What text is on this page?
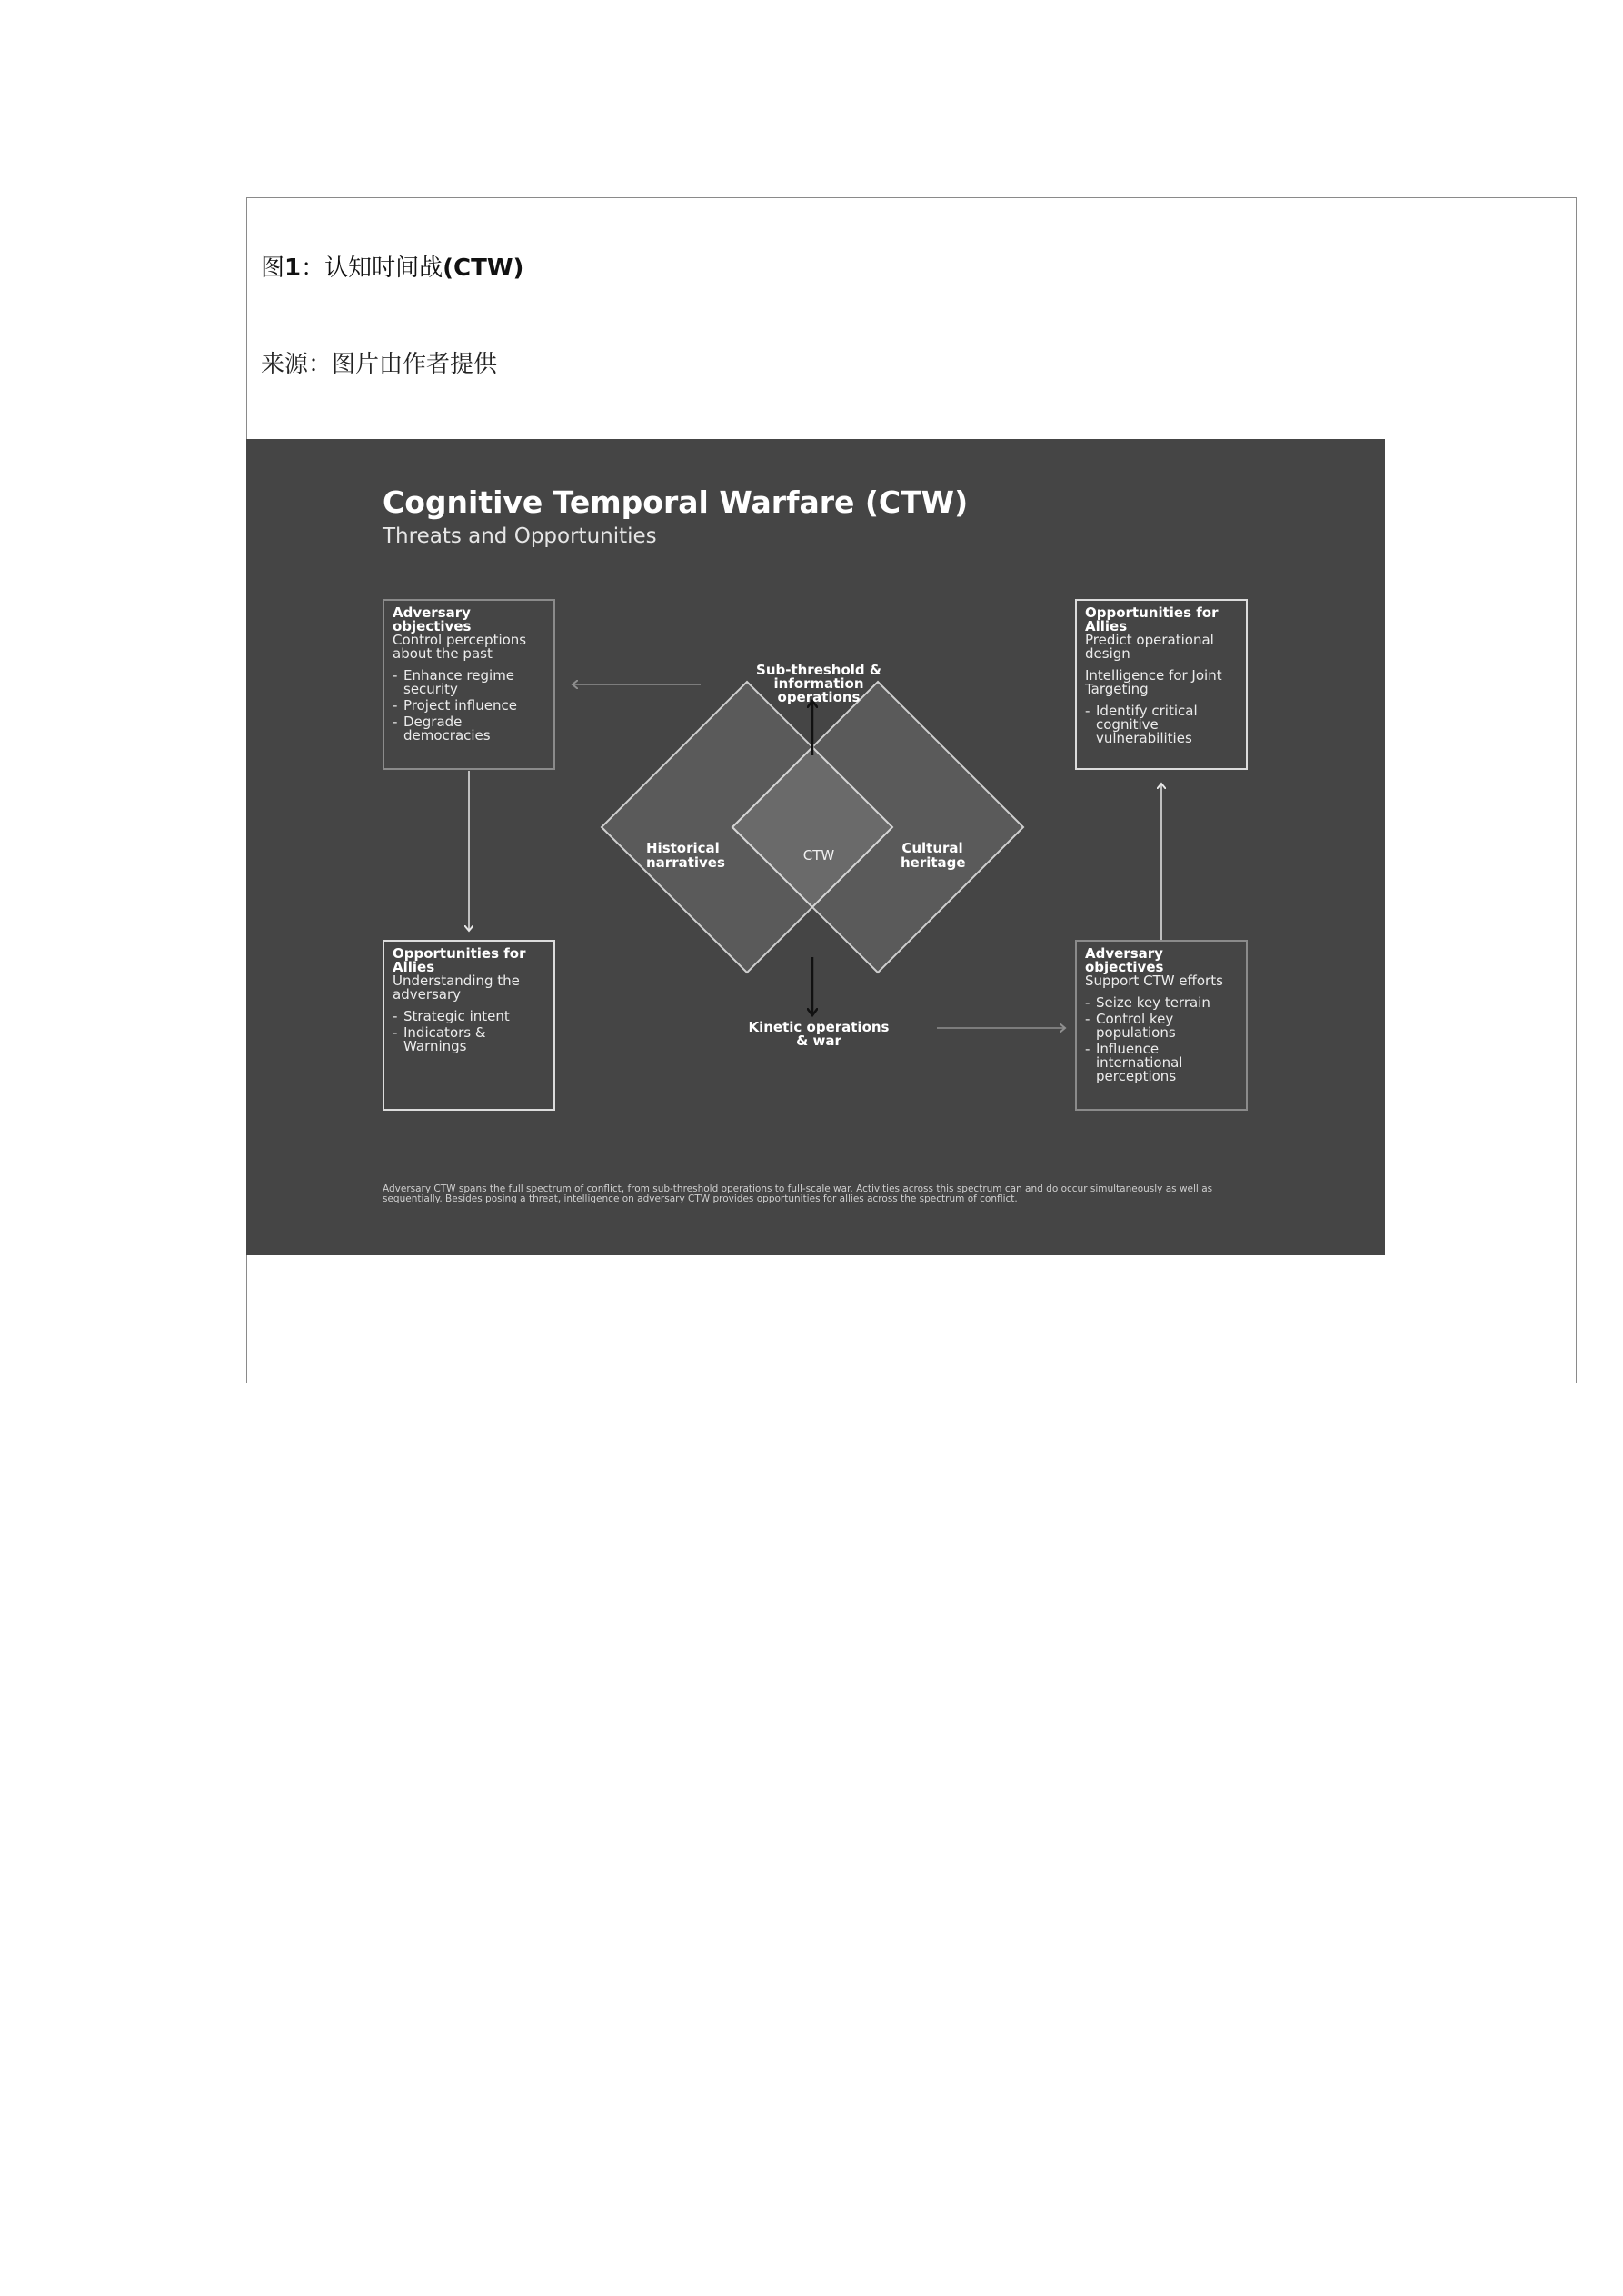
图1：认知时间战(CTW)
来源：图片由作者提供
Cognitive Temporal Warfare (CTW)
Threats and Opportunities
Adversary objectives
Control perceptions about the past
- Enhance regime security
- Project influence
- Degrade democracies
Opportunities for Allies
Predict operational design
Intelligence for Joint Targeting
- Identify critical cognitive vulnerabilities
Opportunities for Allies
Understanding the adversary
- Strategic intent
- Indicators & Warnings
Adversary objectives
Support CTW efforts
- Seize key terrain
- Control key populations
- Influence international perceptions
Sub-threshold & information operations
Kinetic operations & war
Historical narratives
Cultural heritage
CTW
Adversary CTW spans the full spectrum of conflict, from sub-threshold operations to full-scale war. Activities across this spectrum can and do occur simultaneously as well as sequentially. Besides posing a threat, intelligence on adversary CTW provides opportunities for allies across the spectrum of conflict.
